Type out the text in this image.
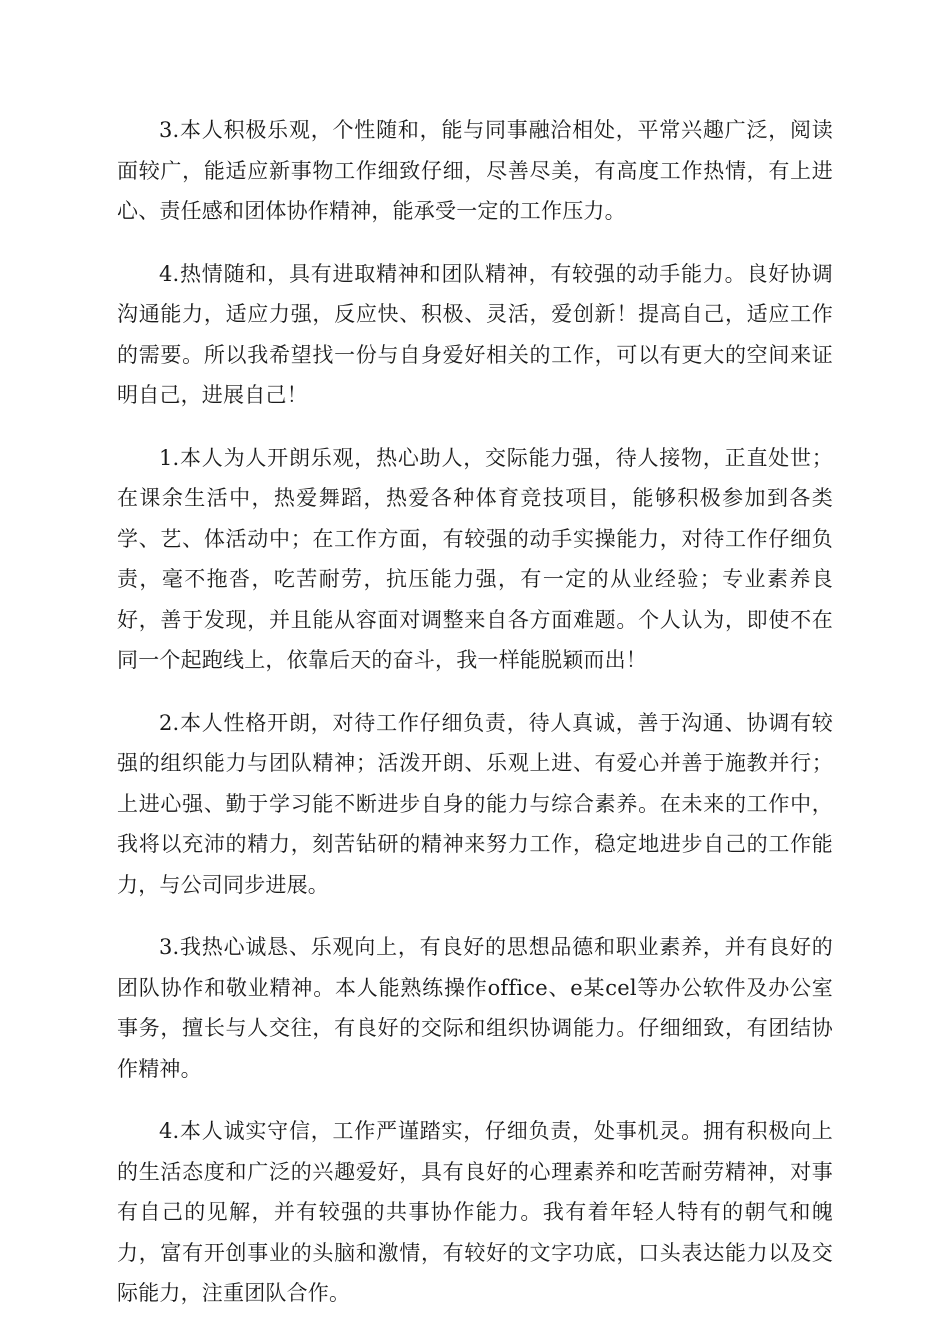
3.本人积极乐观，个性随和，能与同事融洽相处，平常兴趣广泛，阅读面较广，能适应新事物工作细致仔细，尽善尽美，有高度工作热情，有上进心、责任感和团体协作精神，能承受一定的工作压力。

4.热情随和，具有进取精神和团队精神，有较强的动手能力。良好协调沟通能力，适应力强，反应快、积极、灵活，爱创新！提高自己，适应工作的需要。所以我希望找一份与自身爱好相关的工作，可以有更大的空间来证明自己，进展自己！

1.本人为人开朗乐观，热心助人，交际能力强，待人接物，正直处世；在课余生活中，热爱舞蹈，热爱各种体育竞技项目，能够积极参加到各类学、艺、体活动中；在工作方面，有较强的动手实操能力，对待工作仔细负责，毫不拖沓，吃苦耐劳，抗压能力强，有一定的从业经验；专业素养良好，善于发现，并且能从容面对调整来自各方面难题。个人认为，即使不在同一个起跑线上，依靠后天的奋斗，我一样能脱颖而出！

2.本人性格开朗，对待工作仔细负责，待人真诚，善于沟通、协调有较强的组织能力与团队精神；活泼开朗、乐观上进、有爱心并善于施教并行；上进心强、勤于学习能不断进步自身的能力与综合素养。在未来的工作中，我将以充沛的精力，刻苦钻研的精神来努力工作，稳定地进步自己的工作能力，与公司同步进展。

3.我热心诚恳、乐观向上，有良好的思想品德和职业素养，并有良好的团队协作和敬业精神。本人能熟练操作office、e某cel等办公软件及办公室事务，擅长与人交往，有良好的交际和组织协调能力。仔细细致，有团结协作精神。

4.本人诚实守信，工作严谨踏实，仔细负责，处事机灵。拥有积极向上的生活态度和广泛的兴趣爱好，具有良好的心理素养和吃苦耐劳精神，对事有自己的见解，并有较强的共事协作能力。我有着年轻人特有的朝气和魄力，富有开创事业的头脑和激情，有较好的文字功底，口头表达能力以及交际能力，注重团队合作。
